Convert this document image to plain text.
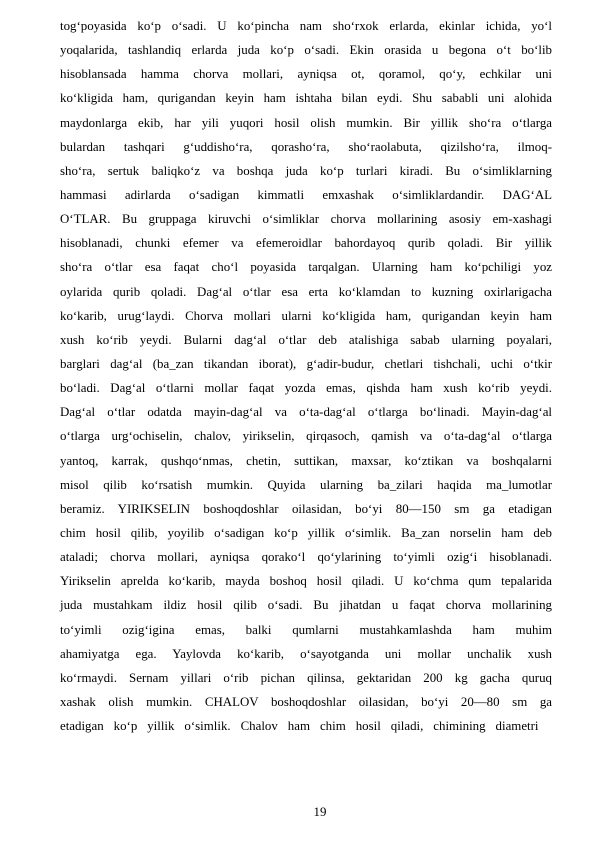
tog‘poyasida ko‘p o‘sadi. U ko‘pincha nam sho‘rxok erlarda, ekinlar ichida, yo‘l
yoqalarida, tashlandiq erlarda juda ko‘p o‘sadi. Ekin orasida u begona o‘t bo‘lib
hisoblansada hamma chorva mollari, ayniqsa ot, qoramol, qo‘y, echkilar uni
ko‘kligida ham, qurigandan keyin ham ishtaha bilan eydi. Shu sababli uni alohida
maydonlarga ekib, har yili yuqori hosil olish mumkin. Bir yillik sho‘ra o‘tlarga
bulardan tashqari g‘uddisho‘ra, qorasho‘ra, sho‘raolabuta, qizilsho‘ra, ilmoq-
sho‘ra, sertuk baliqko‘z va boshqa juda ko‘p turlari kiradi. Bu o‘simliklarning
hammasi adirlarda o‘sadigan kimmatli emxashak o‘simliklardandir. DAG‘AL
O‘TLAR. Bu gruppaga kiruvchi o‘simliklar chorva mollarining asosiy em-xashagi
hisoblanadi, chunki efemer va efemeroidlar bahordayoq qurib qoladi. Bir yillik
sho‘ra o‘tlar esa faqat cho‘l poyasida tarqalgan. Ularning ham ko‘pchiligi yoz
oylarida qurib qoladi. Dag‘al o‘tlar esa erta ko‘klamdan to kuzning oxirlarigacha
ko‘karib, urug‘laydi. Chorva mollari ularni ko‘kligida ham, qurigandan keyin ham
xush ko‘rib yeydi. Bularni dag‘al o‘tlar deb atalishiga sabab ularning poyalari,
barglari dag‘al (ba_zan tikandan iborat), g‘adir-budur, chetlari tishchali, uchi o‘tkir
bo‘ladi. Dag‘al o‘tlarni mollar faqat yozda emas, qishda ham xush ko‘rib yeydi.
Dag‘al o‘tlar odatda mayin-dag‘al va o‘ta-dag‘al o‘tlarga bo‘linadi. Mayin-dag‘al
o‘tlarga urg‘ochiselin, chalov, yirikselin, qirqasoch, qamish va o‘ta-dag‘al o‘tlarga
yantoq, karrak, qushqo‘nmas, chetin, suttikan, maxsar, ko‘ztikan va boshqalarni
misol qilib ko‘rsatish mumkin. Quyida ularning ba_zilari haqida ma_lumotlar
beramiz. YIRIKSELIN boshoqdoshlar oilasidan, bo‘yi 80—150 sm ga etadigan
chim hosil qilib, yoyilib o‘sadigan ko‘p yillik o‘simlik. Ba_zan norselin ham deb
ataladi; chorva mollari, ayniqsa qorako‘l qo‘ylarining to‘yimli ozig‘i hisoblanadi.
Yirikselin aprelda ko‘karib, mayda boshoq hosil qiladi. U ko‘chma qum tepalarida
juda mustahkam ildiz hosil qilib o‘sadi. Bu jihatdan u faqat chorva mollarining
to‘yimli ozig‘igina emas, balki qumlarni mustahkamlashda ham muhim
ahamiyatga ega. Yaylovda ko‘karib, o‘sayotganda uni mollar unchalik xush
ko‘rmaydi. Sernam yillari o‘rib pichan qilinsa, gektaridan 200 kg gacha quruq
xashak olish mumkin. CHALOV boshoqdoshlar oilasidan, bo‘yi 20—80 sm ga
etadigan ko‘p yillik o‘simlik. Chalov ham chim hosil qiladi, chimining diametri
19
